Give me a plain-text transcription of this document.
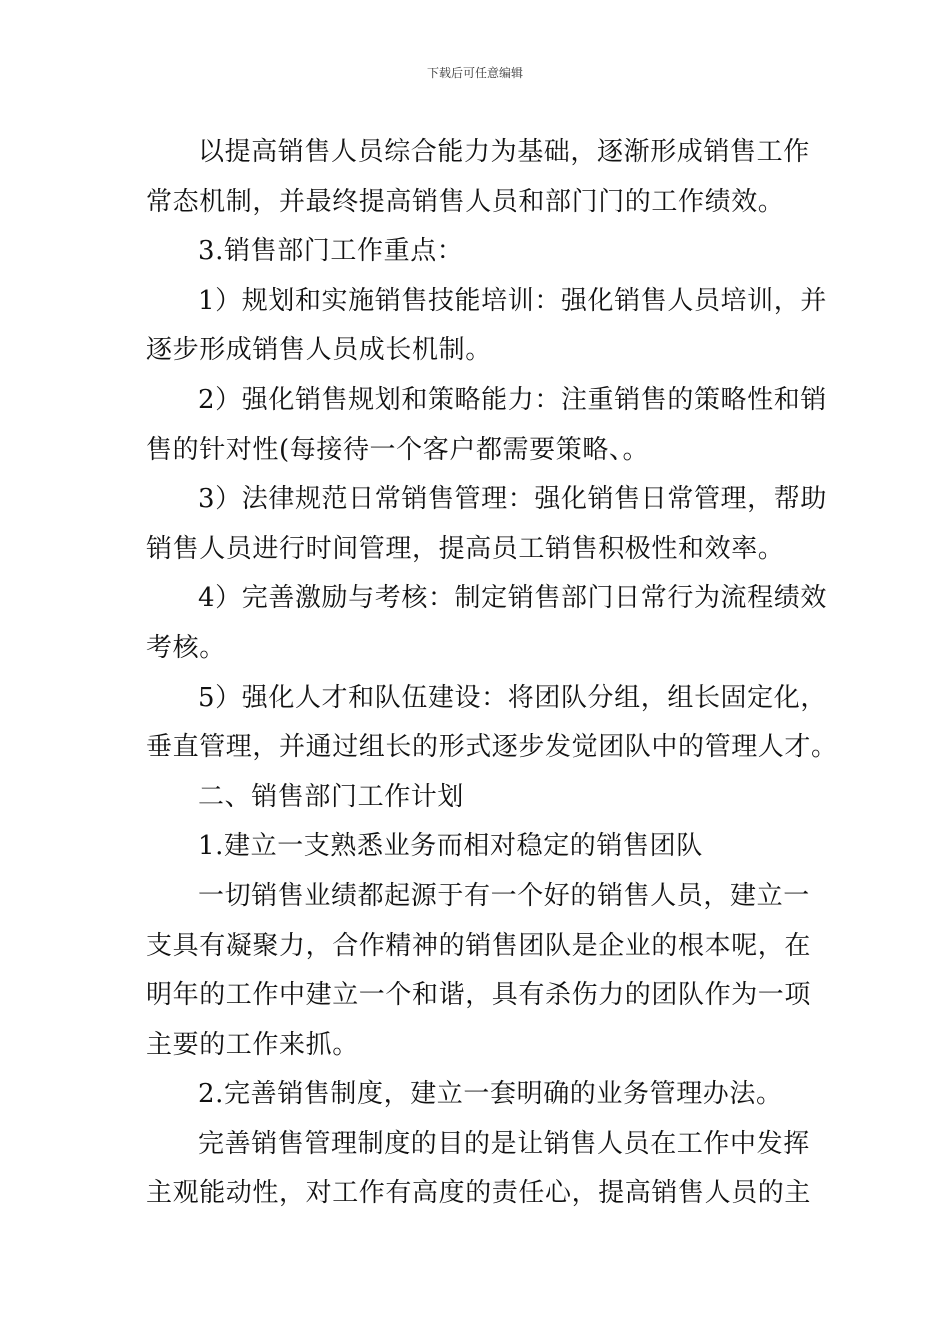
下载后可任意编辑
以提高销售人员综合能力为基础，逐渐形成销售工作
常态机制，并最终提高销售人员和部门门的工作绩效。
3.销售部门工作重点：
1）规划和实施销售技能培训：强化销售人员培训，并
逐步形成销售人员成长机制。
2）强化销售规划和策略能力：注重销售的策略性和销
售的针对性(每接待一个客户都需要策略、。
3）法律规范日常销售管理：强化销售日常管理，帮助
销售人员进行时间管理，提高员工销售积极性和效率。
4）完善激励与考核：制定销售部门日常行为流程绩效
考核。
5）强化人才和队伍建设：将团队分组，组长固定化，
垂直管理，并通过组长的形式逐步发觉团队中的管理人才。
二、销售部门工作计划
1.建立一支熟悉业务而相对稳定的销售团队
一切销售业绩都起源于有一个好的销售人员，建立一
支具有凝聚力，合作精神的销售团队是企业的根本呢，在
明年的工作中建立一个和谐，具有杀伤力的团队作为一项
主要的工作来抓。
2.完善销售制度，建立一套明确的业务管理办法。
完善销售管理制度的目的是让销售人员在工作中发挥
主观能动性，对工作有高度的责任心，提高销售人员的主
